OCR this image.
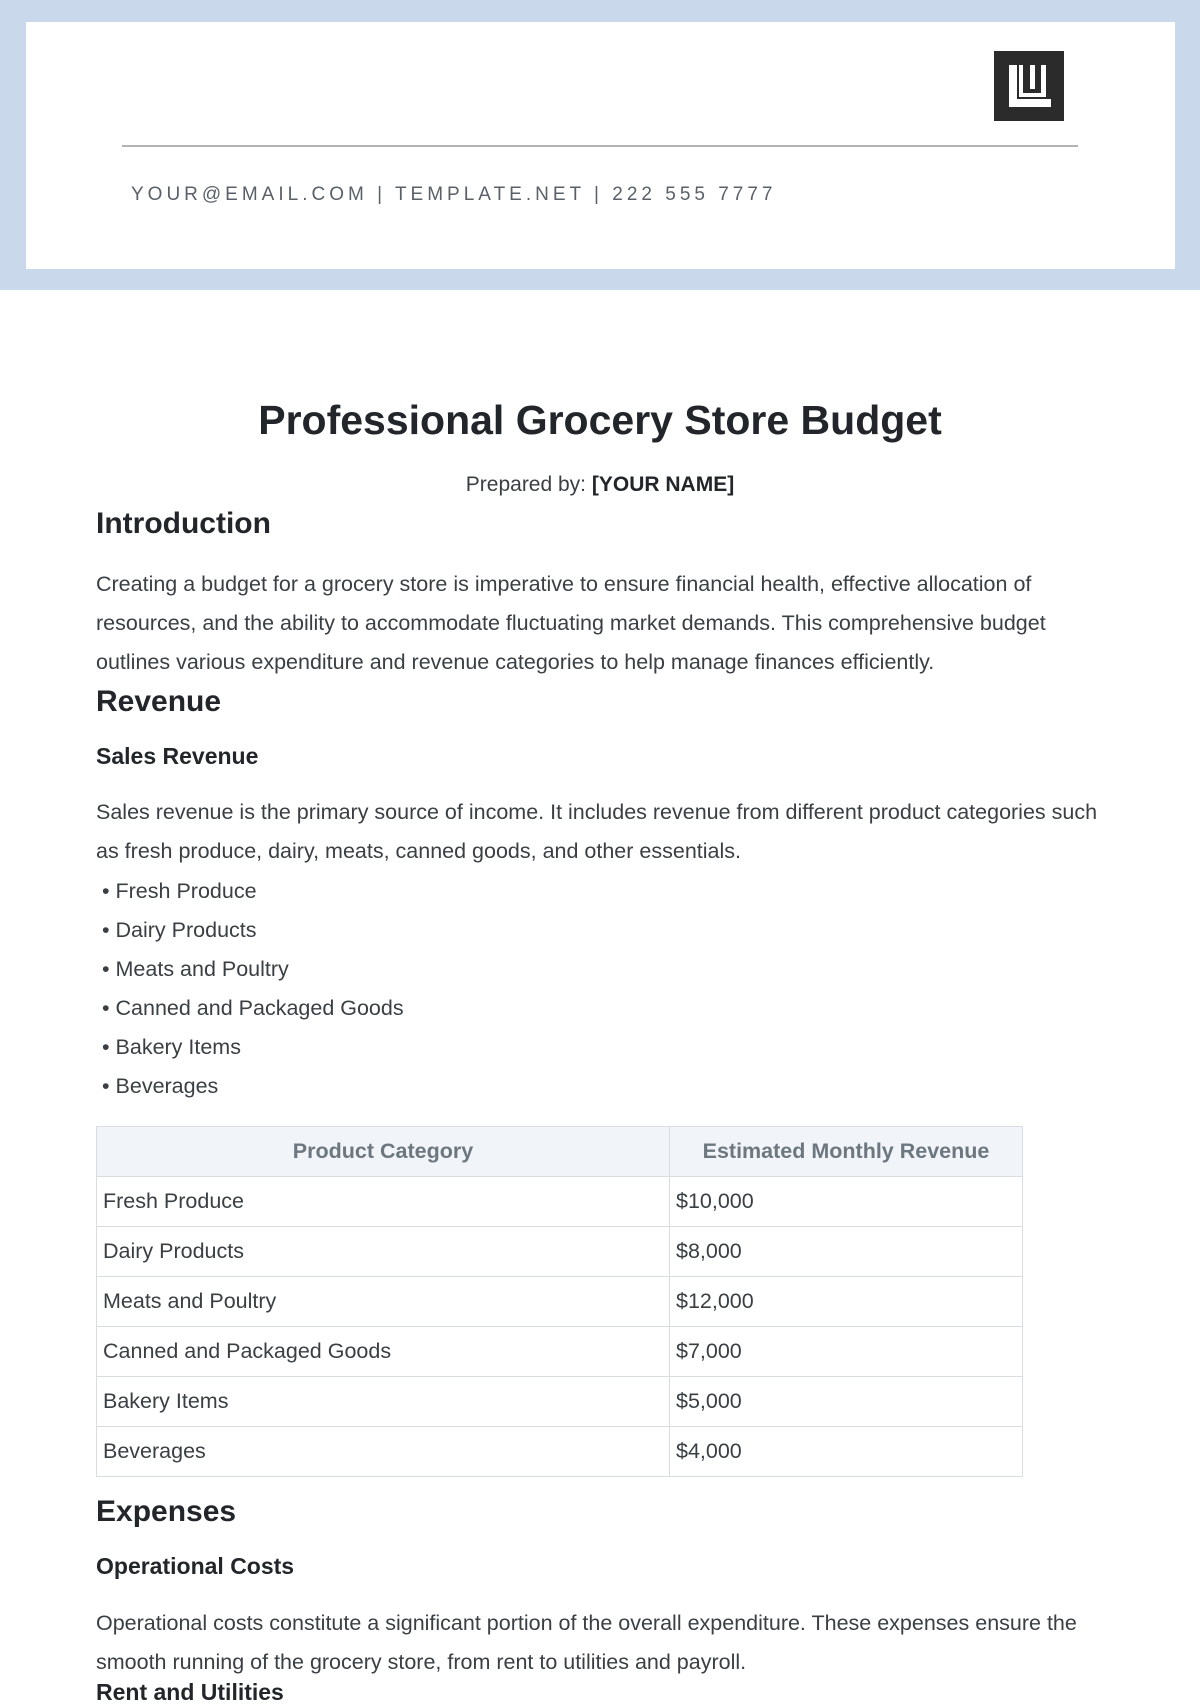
YOUR@EMAIL.COM | TEMPLATE.NET | 222 555 7777
Professional Grocery Store Budget
Prepared by: [YOUR NAME]
Introduction

Creating a budget for a grocery store is imperative to ensure financial health, effective allocation of resources, and the ability to accommodate fluctuating market demands. This comprehensive budget outlines various expenditure and revenue categories to help manage finances efficiently.

Revenue
Sales Revenue

Sales revenue is the primary source of income. It includes revenue from different product categories such as fresh produce, dairy, meats, canned goods, and other essentials.

• Fresh Produce
• Dairy Products
• Meats and Poultry
• Canned and Packaged Goods
• Bakery Items
• Beverages
Product Category	Estimated Monthly Revenue
Fresh Produce	$10,000
Dairy Products	$8,000
Meats and Poultry	$12,000
Canned and Packaged Goods	$7,000
Bakery Items	$5,000
Beverages	$4,000
Expenses
Operational Costs

Operational costs constitute a significant portion of the overall expenditure. These expenses ensure the smooth running of the grocery store, from rent to utilities and payroll.

Rent and Utilities
